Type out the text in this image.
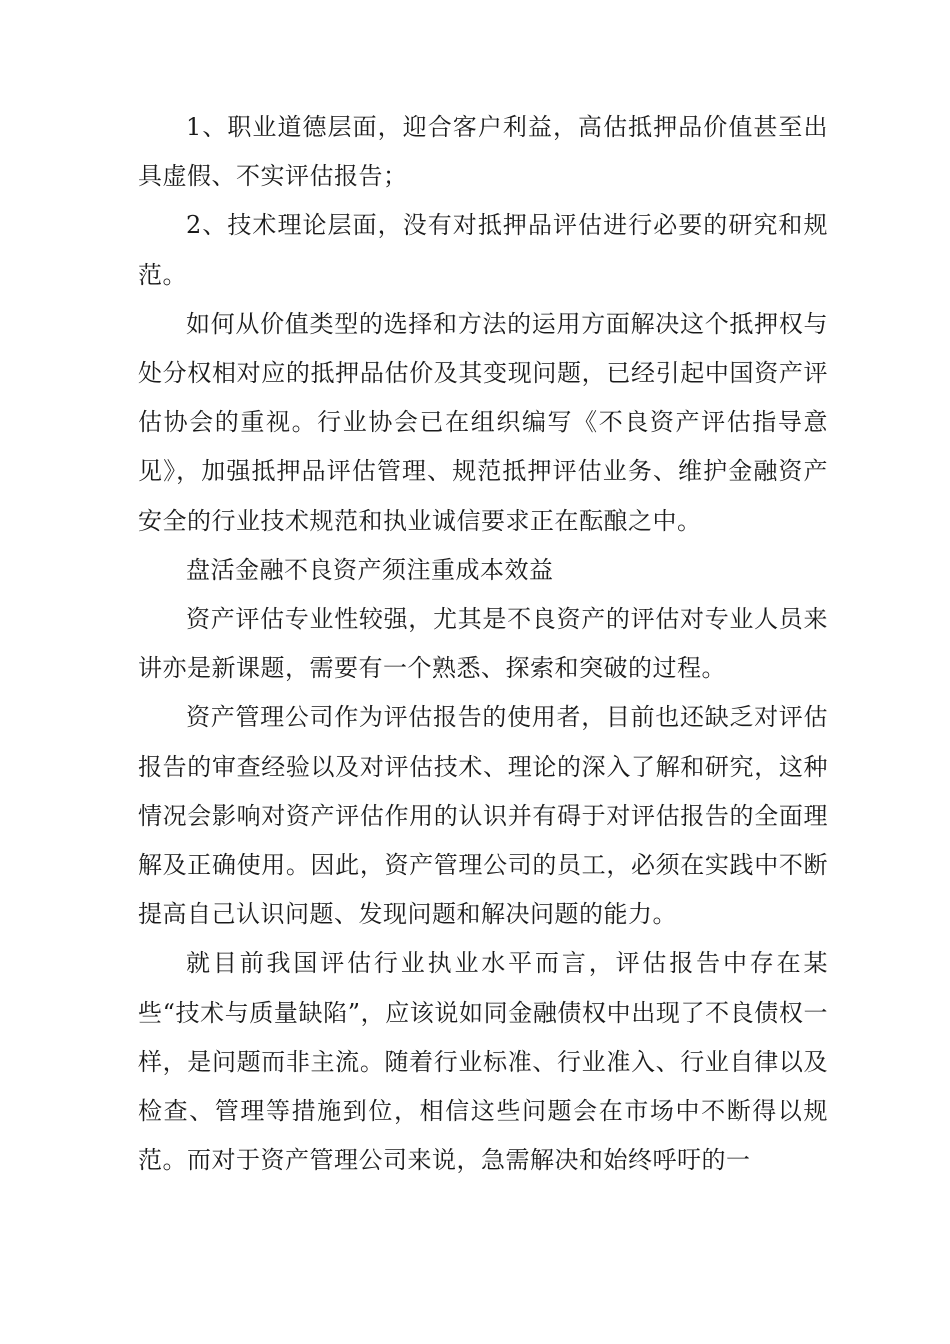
1、职业道德层面，迎合客户利益，高估抵押品价值甚至出具虚假、不实评估报告；

2、技术理论层面，没有对抵押品评估进行必要的研究和规范。

如何从价值类型的选择和方法的运用方面解决这个抵押权与处分权相对应的抵押品估价及其变现问题，已经引起中国资产评估协会的重视。行业协会已在组织编写《不良资产评估指导意见》，加强抵押品评估管理、规范抵押评估业务、维护金融资产安全的行业技术规范和执业诚信要求正在酝酿之中。

盘活金融不良资产须注重成本效益

资产评估专业性较强，尤其是不良资产的评估对专业人员来讲亦是新课题，需要有一个熟悉、探索和突破的过程。

资产管理公司作为评估报告的使用者，目前也还缺乏对评估报告的审查经验以及对评估技术、理论的深入了解和研究，这种情况会影响对资产评估作用的认识并有碍于对评估报告的全面理解及正确使用。因此，资产管理公司的员工，必须在实践中不断提高自己认识问题、发现问题和解决问题的能力。

就目前我国评估行业执业水平而言，评估报告中存在某些“技术与质量缺陷”，应该说如同金融债权中出现了不良债权一样，是问题而非主流。随着行业标准、行业准入、行业自律以及检查、管理等措施到位，相信这些问题会在市场中不断得以规范。而对于资产管理公司来说，急需解决和始终呼吁的一
